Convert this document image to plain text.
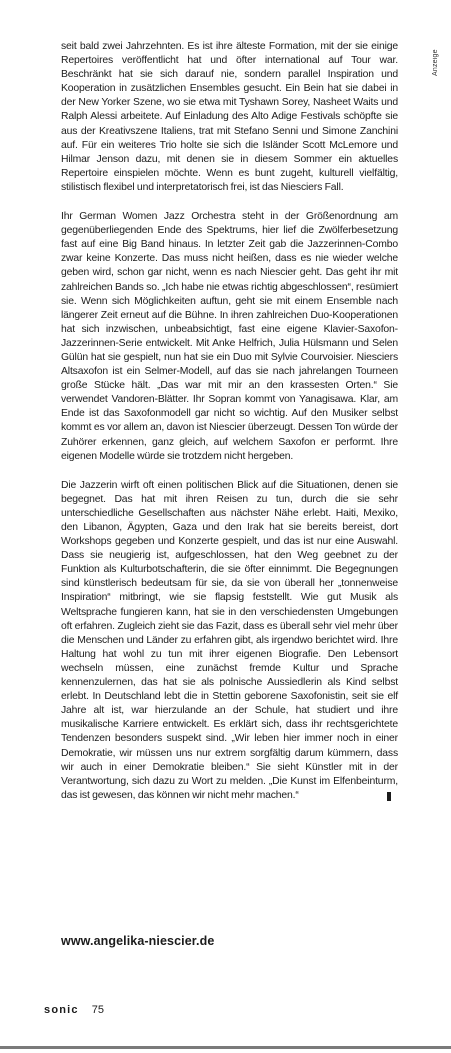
Anzeige

seit bald zwei Jahrzehnten. Es ist ihre älteste Formation, mit der sie einige Repertoires veröffentlicht hat und öfter international auf Tour war. Beschränkt hat sie sich darauf nie, sondern parallel Inspiration und Kooperation in zusätzlichen Ensembles gesucht. Ein Bein hat sie dabei in der New Yorker Szene, wo sie etwa mit Tyshawn Sorey, Nasheet Waits und Ralph Alessi arbeitete. Auf Einladung des Alto Adige Festivals schöpfte sie aus der Kreativszene Italiens, trat mit Stefano Senni und Simone Zanchini auf. Für ein weiteres Trio holte sie sich die Isländer Scott McLemore und Hilmar Jenson dazu, mit denen sie in diesem Sommer ein aktuelles Repertoire einspielen möchte. Wenn es bunt zugeht, kulturell vielfältig, stilistisch flexibel und interpretatorisch frei, ist das Niesciers Fall.

Ihr German Women Jazz Orchestra steht in der Größenordnung am gegenüberliegenden Ende des Spektrums, hier lief die Zwölferbesetzung fast auf eine Big Band hinaus. In letzter Zeit gab die Jazzerinnen-Combo zwar keine Konzerte. Das muss nicht heißen, dass es nie wieder welche geben wird, schon gar nicht, wenn es nach Niescier geht. Das geht ihr mit zahlreichen Bands so. „Ich habe nie etwas richtig abgeschlossen“, resümiert sie. Wenn sich Möglichkeiten auftun, geht sie mit einem Ensemble nach längerer Zeit erneut auf die Bühne. In ihren zahlreichen Duo-Kooperationen hat sich inzwischen, unbeabsichtigt, fast eine eigene Klavier-Saxofon-Jazzerinnen-Serie entwickelt. Mit Anke Helfrich, Julia Hülsmann und Selen Gülün hat sie gespielt, nun hat sie ein Duo mit Sylvie Courvoisier. Niesciers Altsaxofon ist ein Selmer-Modell, auf das sie nach jahrelangen Tourneen große Stücke hält. „Das war mit mir an den krassesten Orten.“ Sie verwendet Vandoren-Blätter. Ihr Sopran kommt von Yanagisawa. Klar, am Ende ist das Saxofonmodell gar nicht so wichtig. Auf den Musiker selbst kommt es vor allem an, davon ist Niescier überzeugt. Dessen Ton würde der Zuhörer erkennen, ganz gleich, auf welchem Saxofon er performt. Ihre eigenen Modelle würde sie trotzdem nicht hergeben.

Die Jazzerin wirft oft einen politischen Blick auf die Situationen, denen sie begegnet. Das hat mit ihren Reisen zu tun, durch die sie sehr unterschiedliche Gesellschaften aus nächster Nähe erlebt. Haiti, Mexiko, den Libanon, Ägypten, Gaza und den Irak hat sie bereits bereist, dort Workshops gegeben und Konzerte gespielt, und das ist nur eine Auswahl. Dass sie neugierig ist, aufgeschlossen, hat den Weg geebnet zu der Funktion als Kulturbotschafterin, die sie öfter einnimmt. Die Begegnungen sind künstlerisch bedeutsam für sie, da sie von überall her „tonnenweise Inspiration“ mitbringt, wie sie flapsig feststellt. Wie gut Musik als Weltsprache fungieren kann, hat sie in den verschiedensten Umgebungen oft erfahren. Zugleich zieht sie das Fazit, dass es überall sehr viel mehr über die Menschen und Länder zu erfahren gibt, als irgendwo berichtet wird. Ihre Haltung hat wohl zu tun mit ihrer eigenen Biografie. Den Lebensort wechseln müssen, eine zunächst fremde Kultur und Sprache kennenzulernen, das hat sie als polnische Aussiedlerin als Kind selbst erlebt. In Deutschland lebt die in Stettin geborene Saxofonistin, seit sie elf Jahre alt ist, war hierzulande an der Schule, hat studiert und ihre musikalische Karriere entwickelt. Es erklärt sich, dass ihr rechtsgerichtete Tendenzen besonders suspekt sind. „Wir leben hier immer noch in einer Demokratie, wir müssen uns nur extrem sorgfältig darum kümmern, dass wir auch in einer Demokratie bleiben.“ Sie sieht Künstler mit in der Verantwortung, sich dazu zu Wort zu melden. „Die Kunst im Elfenbeinturm, das ist gewesen, das können wir nicht mehr machen.“

www.angelika-niescier.de
sonic 75
